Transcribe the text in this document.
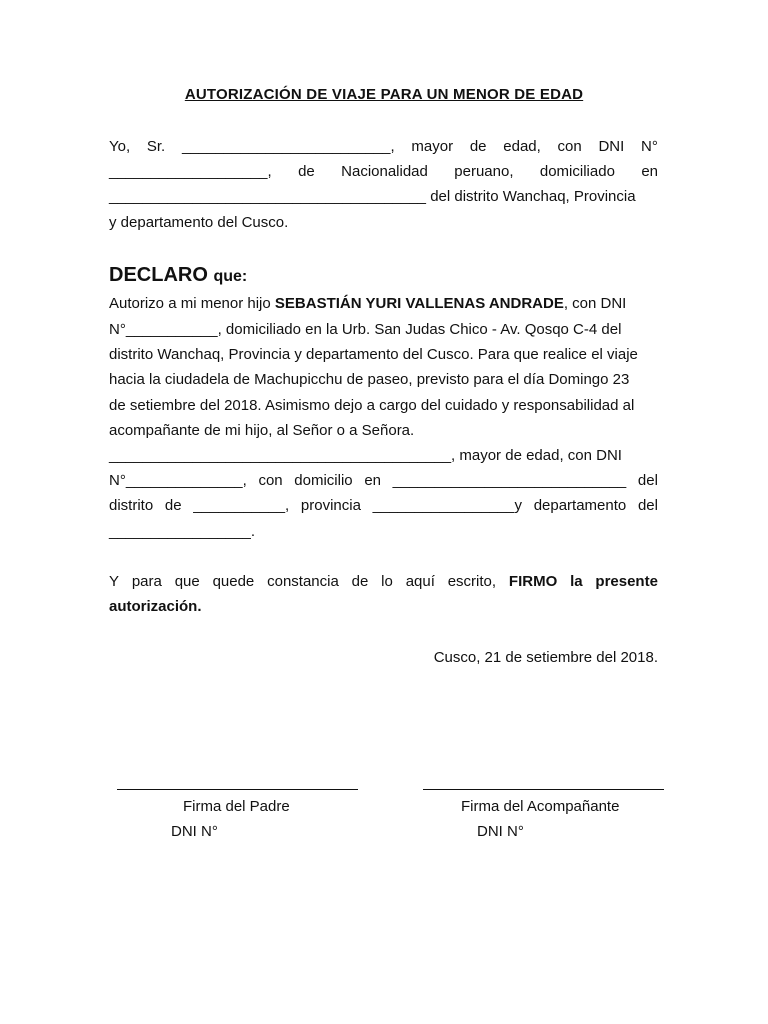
AUTORIZACIÓN DE VIAJE PARA UN MENOR DE EDAD
Yo, Sr. _________________________, mayor de edad, con DNI N°
___________________, de Nacionalidad peruano, domiciliado en
______________________________________ del distrito Wanchaq, Provincia
y departamento del Cusco.
DECLARO que:
Autorizo a mi menor hijo SEBASTIÁN YURI VALLENAS ANDRADE, con DNI
N°___________, domiciliado en la Urb. San Judas Chico - Av. Qosqo C-4 del
distrito Wanchaq, Provincia y departamento del Cusco. Para que realice el viaje
hacia la ciudadela de Machupicchu de paseo, previsto para el día Domingo 23
de setiembre del 2018. Asimismo dejo a cargo del cuidado y responsabilidad al
acompañante de mi hijo, al Señor o a Señora.
_________________________________________, mayor de edad, con DNI
N°______________, con domicilio en ____________________________ del
distrito de ___________, provincia _________________y departamento del
_________________.
Y para que quede constancia de lo aquí escrito, FIRMO la presente
autorización.
Cusco, 21 de setiembre del 2018.
Firma del Padre	Firma del Acompañante
DNI N°	DNI N°
